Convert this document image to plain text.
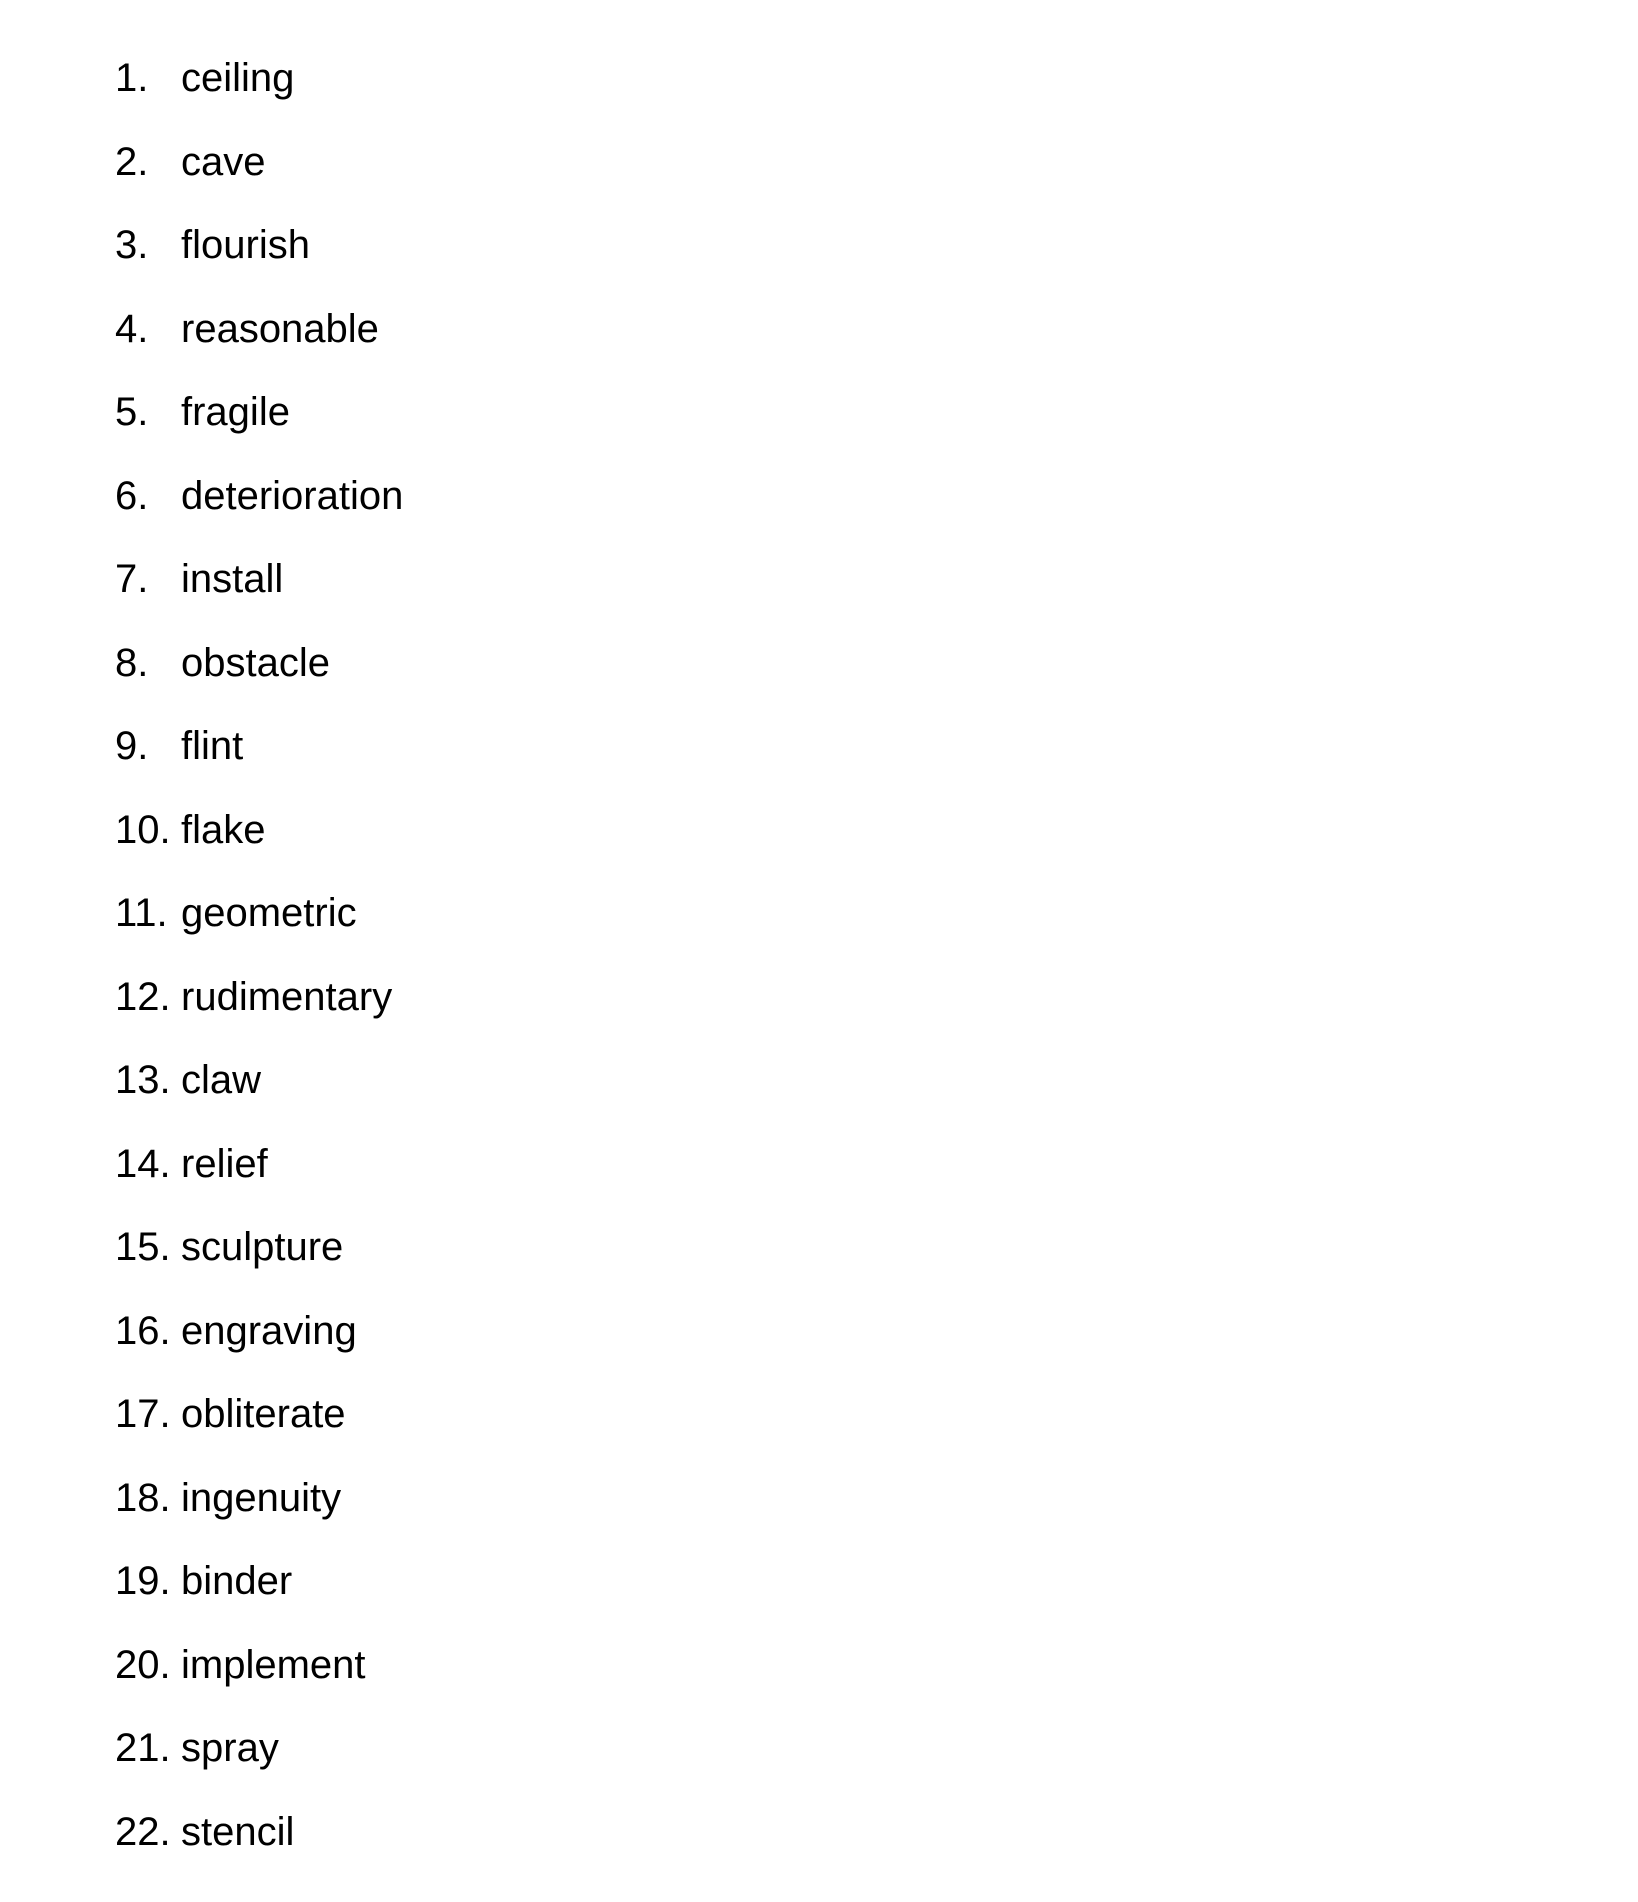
1. ceiling
2. cave
3. flourish
4. reasonable
5. fragile
6. deterioration
7. install
8. obstacle
9. flint
10. flake
11. geometric
12. rudimentary
13. claw
14. relief
15. sculpture
16. engraving
17. obliterate
18. ingenuity
19. binder
20. implement
21. spray
22. stencil
